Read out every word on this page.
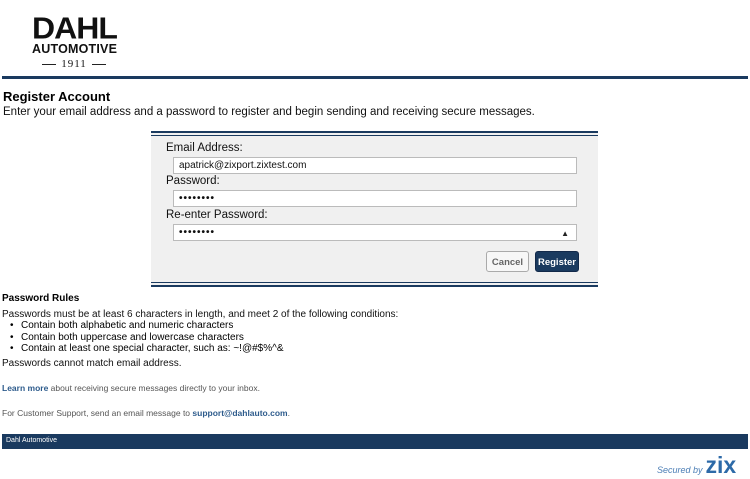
DAHL
AUTOMOTIVE
1911
Register Account
Enter your email address and a password to register and begin sending and receiving secure messages.
Email Address:
apatrick@zixport.zixtest.com
Password:
••••••••
Re-enter Password:
••••••••	▲
Cancel	Register
Password Rules
Passwords must be at least 6 characters in length, and meet 2 of the following conditions:
• Contain both alphabetic and numeric characters
• Contain both uppercase and lowercase characters
• Contain at least one special character, such as: ~!@#$%^&
Passwords cannot match email address.
Learn more about receiving secure messages directly to your inbox.
For Customer Support, send an email message to support@dahlauto.com.
Dahl Automotive
Secured by zix
